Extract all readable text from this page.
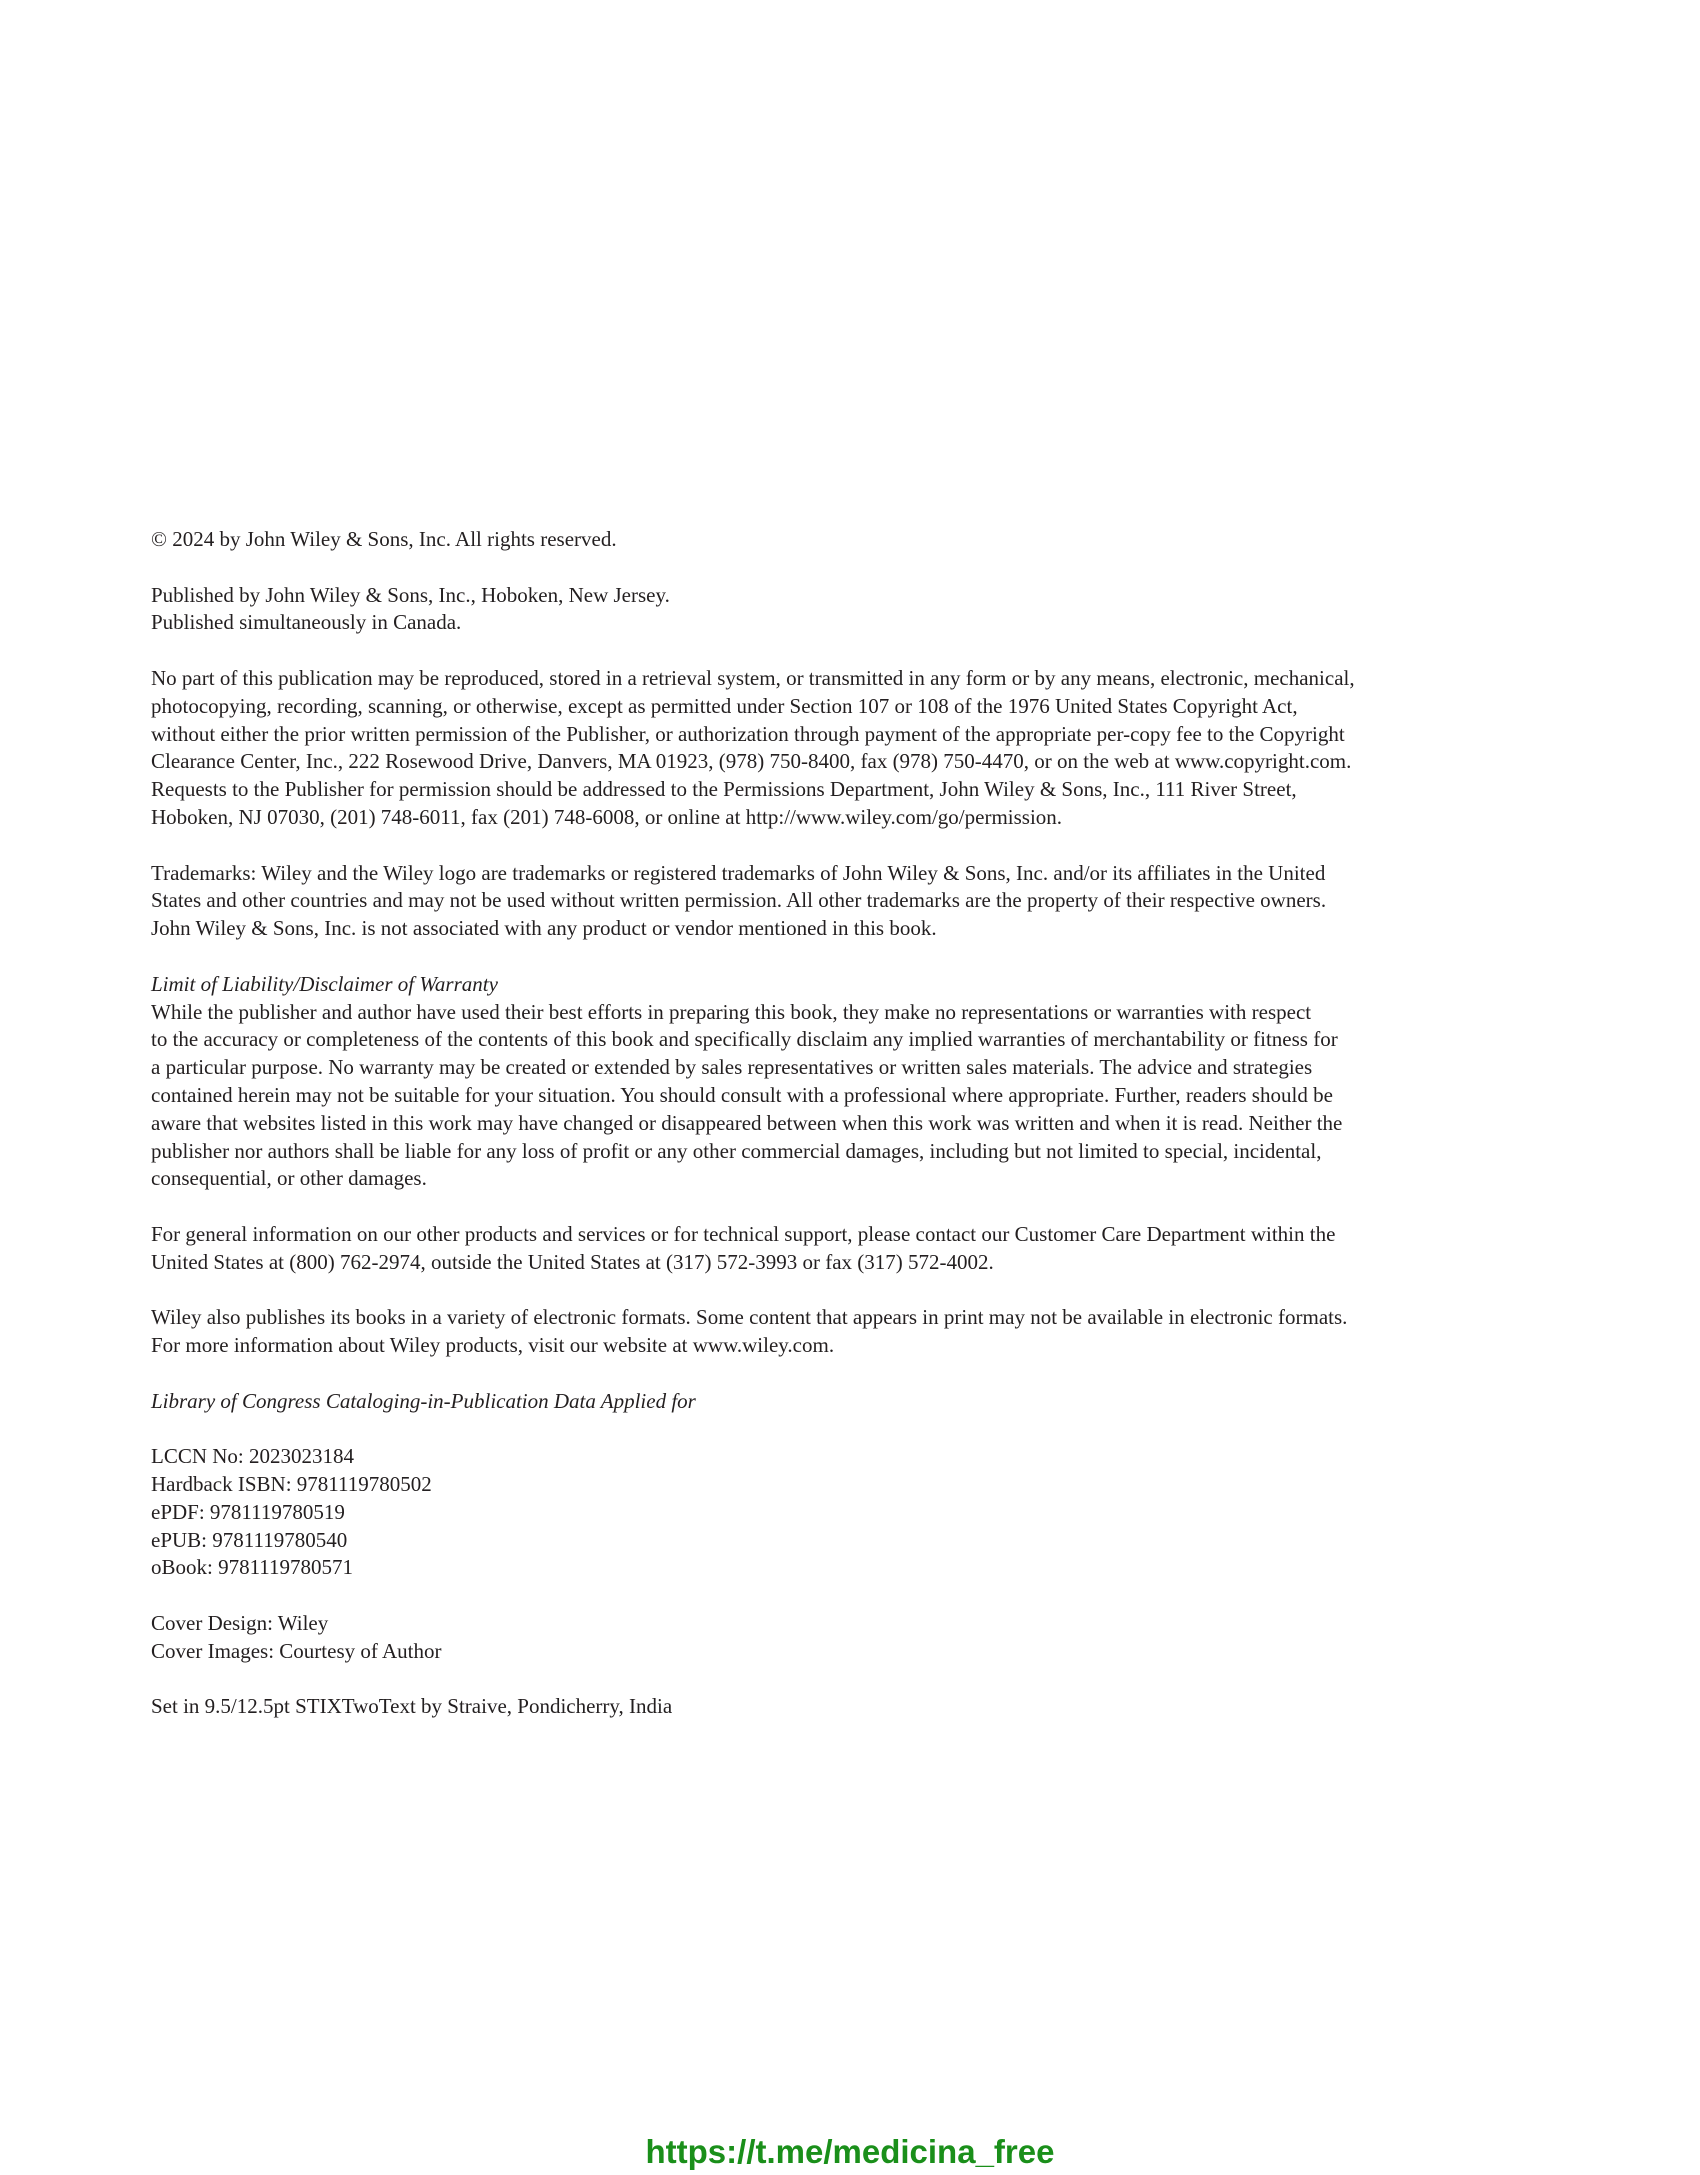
© 2024 by John Wiley & Sons, Inc. All rights reserved.
Published by John Wiley & Sons, Inc., Hoboken, New Jersey.
Published simultaneously in Canada.
No part of this publication may be reproduced, stored in a retrieval system, or transmitted in any form or by any means, electronic, mechanical,
photocopying, recording, scanning, or otherwise, except as permitted under Section 107 or 108 of the 1976 United States Copyright Act,
without either the prior written permission of the Publisher, or authorization through payment of the appropriate per-copy fee to the Copyright
Clearance Center, Inc., 222 Rosewood Drive, Danvers, MA 01923, (978) 750-8400, fax (978) 750-4470, or on the web at www.copyright.com.
Requests to the Publisher for permission should be addressed to the Permissions Department, John Wiley & Sons, Inc., 111 River Street,
Hoboken, NJ 07030, (201) 748-6011, fax (201) 748-6008, or online at http://www.wiley.com/go/permission.
Trademarks: Wiley and the Wiley logo are trademarks or registered trademarks of John Wiley & Sons, Inc. and/or its affiliates in the United
States and other countries and may not be used without written permission. All other trademarks are the property of their respective owners.
John Wiley & Sons, Inc. is not associated with any product or vendor mentioned in this book.
Limit of Liability/Disclaimer of Warranty
While the publisher and author have used their best efforts in preparing this book, they make no representations or warranties with respect
to the accuracy or completeness of the contents of this book and specifically disclaim any implied warranties of merchantability or fitness for
a particular purpose. No warranty may be created or extended by sales representatives or written sales materials. The advice and strategies
contained herein may not be suitable for your situation. You should consult with a professional where appropriate. Further, readers should be
aware that websites listed in this work may have changed or disappeared between when this work was written and when it is read. Neither the
publisher nor authors shall be liable for any loss of profit or any other commercial damages, including but not limited to special, incidental,
consequential, or other damages.
For general information on our other products and services or for technical support, please contact our Customer Care Department within the
United States at (800) 762-2974, outside the United States at (317) 572-3993 or fax (317) 572-4002.
Wiley also publishes its books in a variety of electronic formats. Some content that appears in print may not be available in electronic formats.
For more information about Wiley products, visit our website at www.wiley.com.
Library of Congress Cataloging-in-Publication Data Applied for
LCCN No: 2023023184
Hardback ISBN: 9781119780502
ePDF: 9781119780519
ePUB: 9781119780540
oBook: 9781119780571
Cover Design: Wiley
Cover Images: Courtesy of Author
Set in 9.5/12.5pt STIXTwoText by Straive, Pondicherry, India
https://t.me/medicina_free
